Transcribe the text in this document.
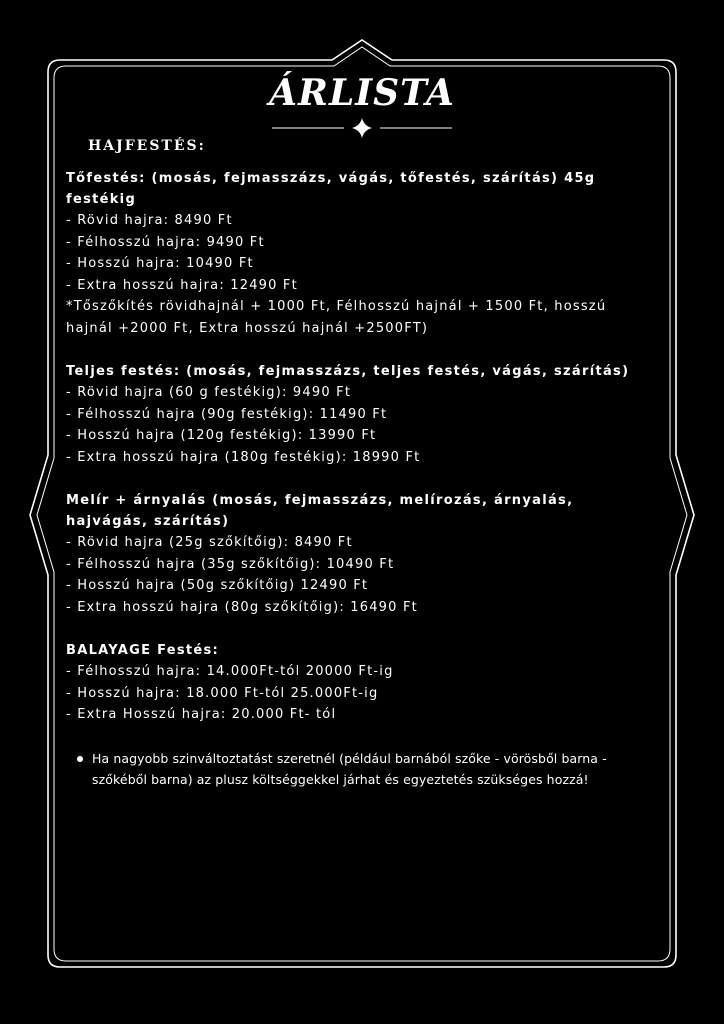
ÁRLISTA
HAJFESTÉS:
Tőfestés: (mosás, fejmasszázs, vágás, tőfestés, szárítás) 45g festékig
- Rövid hajra: 8490 Ft
- Félhosszú hajra: 9490 Ft
- Hosszú hajra: 10490 Ft
- Extra hosszú hajra: 12490 Ft
*Tőszőkítés rövidhajnál + 1000 Ft, Félhosszú hajnál + 1500 Ft, hosszú hajnál +2000 Ft, Extra hosszú hajnál +2500FT)
Teljes festés: (mosás, fejmasszázs, teljes festés, vágás, szárítás)
- Rövid hajra (60 g festékig): 9490 Ft
- Félhosszú hajra (90g festékig): 11490 Ft
- Hosszú hajra (120g festékig): 13990 Ft
- Extra hosszú hajra (180g festékig): 18990 Ft
Melír + árnyalás (mosás, fejmasszázs, melírozás, árnyalás, hajvágás, szárítás)
- Rövid hajra (25g szőkítőig): 8490 Ft
- Félhosszú hajra (35g szőkítőig): 10490 Ft
- Hosszú hajra (50g szőkítőig) 12490 Ft
- Extra hosszú hajra (80g szőkítőig): 16490 Ft
BALAYAGE Festés:
- Félhosszú hajra: 14.000Ft-tól 20000 Ft-ig
- Hosszú hajra: 18.000 Ft-tól 25.000Ft-ig
- Extra Hosszú hajra: 20.000 Ft- tól
Ha nagyobb szinváltoztatást szeretnél (például barnából szőke - vörösből barna - szőkéből barna) az plusz költséggekkel járhat és egyeztetés szükséges hozzá!
